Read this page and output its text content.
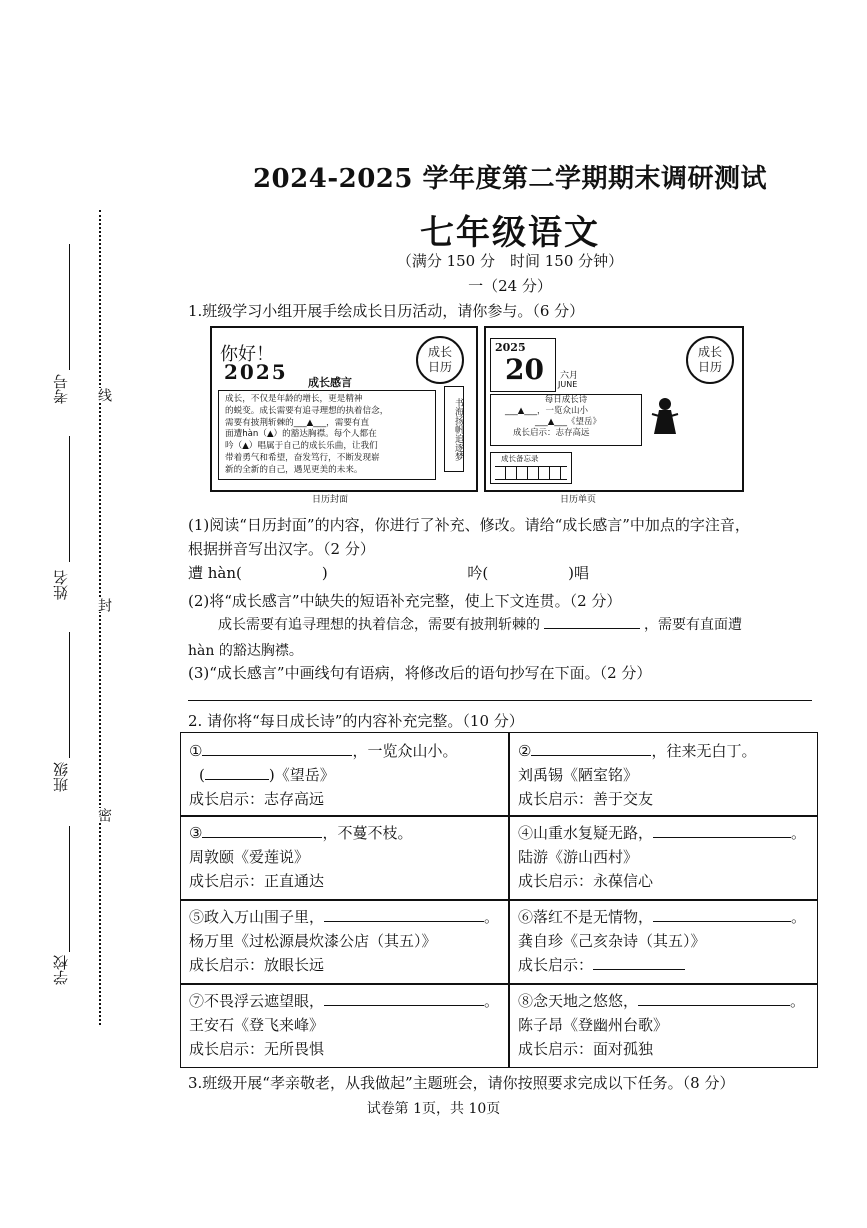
考号
姓名
班级
学校
线
封
密
2024-2025 学年度第二学期期末调研测试
七年级语文
（满分 150 分　时间 150 分钟）
一（24 分）
1.班级学习小组开展手绘成长日历活动，请你参与。（6 分）
你好！
2025
成长日历
成长感言
成长，不仅是年龄的增长，更是精神
的蜕变。成长需要有追寻理想的执着信念，
需要有披荆斩棘的___▲___，需要有直
面遭hàn（▲）的豁达胸襟。每个人都在
吟（▲）唱属于自己的成长乐曲，让我们
带着勇气和希望，奋发笃行，不断发现崭
新的全新的自己，遇见更美的未来。
书海扬帆追逐梦
日历封面
2025
20 六月
JUNE
成长日历
每日成长诗
___▲___，一览众山小
___▲___《望岳》
成长启示：志存高远
成长备忘录
日历单页
(1)阅读“日历封面”的内容，你进行了补充、修改。请给“成长感言”中加点的字注音，
根据拼音写出汉字。（2 分）
遭 hàn(	)	吟(	)唱
(2)将“成长感言”中缺失的短语补充完整，使上下文连贯。（2 分）
成长需要有追寻理想的执着信念，需要有披荆斩棘的	，需要有直面遭
hàn 的豁达胸襟。
(3)“成长感言”中画线句有语病，将修改后的语句抄写在下面。（2 分）
2. 请你将“每日成长诗”的内容补充完整。（10 分）
①	，一览众山小。
(	)《望岳》
成长启示：志存高远
②	，往来无白丁。
刘禹锡《陋室铭》
成长启示：善于交友
③	，不蔓不枝。
周敦颐《爱莲说》
成长启示：正直通达
④山重水复疑无路，	。
陆游《游山西村》
成长启示：永葆信心
⑤政入万山围子里，	。
杨万里《过松源晨炊漆公店（其五）》
成长启示：放眼长远
⑥落红不是无情物，	。
龚自珍《己亥杂诗（其五）》
成长启示：
⑦不畏浮云遮望眼，	。
王安石《登飞来峰》
成长启示：无所畏惧
⑧念天地之悠悠，	。
陈子昂《登幽州台歌》
成长启示：面对孤独
3.班级开展“孝亲敬老，从我做起”主题班会，请你按照要求完成以下任务。（8 分）
试卷第 1页，共 10页
